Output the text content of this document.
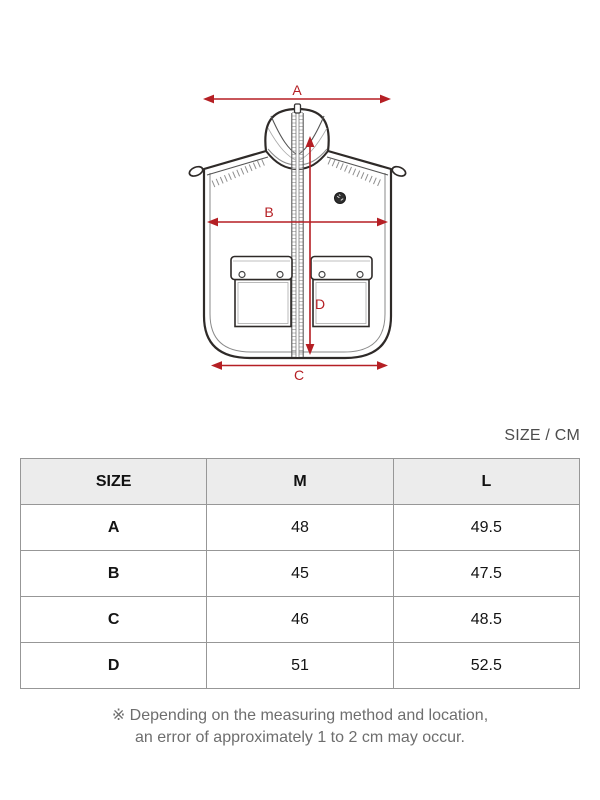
A
B
C
D
SIZE / CM
SIZE	M	L
A	48	49.5
B	45	47.5
C	46	48.5
D	51	52.5
※ Depending on the measuring method and location,
an error of approximately 1 to 2 cm may occur.
